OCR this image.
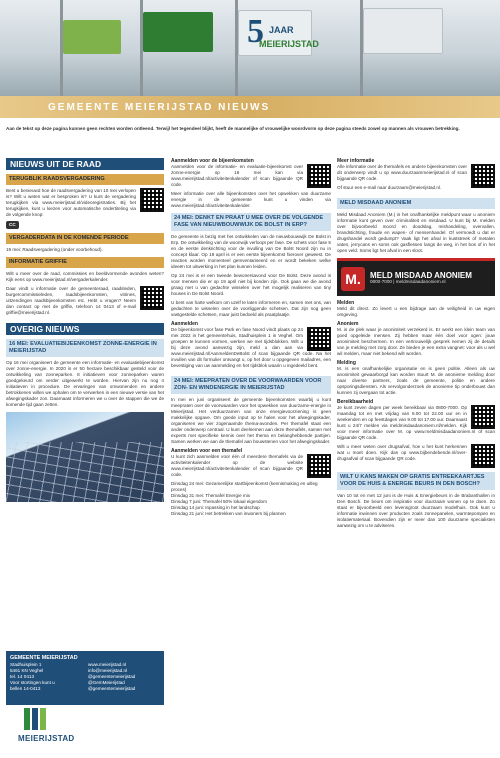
5 JAAR
MEIERIJSTAD
GEMEENTE MEIERIJSTAD NIEUWS
Aan de tekst op deze pagina kunnen geen rechten worden ontleend. Terwijl het tegendeel blijkt, heeft de mannelijke of vrouwelijke woordvorm op deze pagina steeds zowel op mannen als vrouwen betrekking.
NIEUWS UIT DE RAAD
TERUGBLIK RAADSVERGADERING

Bent u benieuwd hoe de raadsvergadering van 10 mei verlopen is? Wilt u weten wat er besproken is? U kunt de vergadering terugkijken via www.meierijstad.nl/videoregistraties. Bij het terugkijken, kunt u kiezen voor automatische ondertiteling via de volgende knop:

CC
VERGADERDATA IN DE KOMENDE PERIODE

19 mei: Raadsvergadering (onder voorbehoud).

INFORMATIE GRIFFIE

Wilt u meer over de raad, commissies en beeldvormende avonden weten? Kijk eens op www.meierijstad.nl/vergaderkalender.

Daar vindt u informatie over de gemeenteraad, raadsleden, burgercommissieleden, raadsbijeenkomsten, vitrines, uitzendingen raadsbijeenkomsten etc. Hebt u vragen? Neem dan contact op met de griffie, telefoon 14 0413 of e-mail griffie@meierijstad.nl.

OVERIG NIEUWS
16 MEI: EVALUATIEBIJEENKOMST ZONNE-ENERGIE IN MEIERIJSTAD

Op 16 mei organiseert de gemeente een informatie- en evaluatiebijeenkomst over zonne-energie. In 2020 is er 50 hectare beschikbaar gesteld voor de ontwikkeling van zonneparken. 8 initiatieven voor zonneparken waren goedgekeurd om verder uitgewerkt te worden. Hiervan zijn nu nog 4 initiatieven in procedure. De ervaringen van omwonenden en andere betrokkenen willen we ophalen om te verwerken in een nieuwe versie van het afwegingskader zon. Daarnaast informeren we u over de stappen die we de komende tijd gaan zetten.

GEMEENTE MEIERIJSTAD
Stadhuisplein 1
5461 KN Veghel
tel. 14 0413
Voor stortingen kunt u
bellen 14-0413
www.meierijstad.nl
info@meierijstad.nl
@gemeentemeierijstad
@GemMeierijstad
@gemeentemeierijstad
MEIERIJSTAD
Aanmelden voor de bijeenkomsten

Aanmelden voor de informatie- en evaluatie-bijeenkomst over zonne-energie op 16 mei kan via www.meierijstad.nl/activiteitenkalender of scan bijgaande QR code.

Meer informatie over alle bijeenkomsten over het opwekken van duurzame energie in de gemeente kunt u vinden via www.meierijstad.nl/activiteitenkalender.

24 MEI: DENKT EN PRAAT U MEE OVER DE VOLGENDE FASE VAN NIEUWBOUWWIJK DE BOLST IN ERP?

De gemeente is bezig met het ontwikkelen van de nieuwbouwwijk De Bolst in Erp. De ontwikkeling van de woonwijk verloopt per fase. De schets voor fase 5 en de eerste denkrichting voor de invulling van De Bolst Noord zijn nu in concept klaar. Op 19 april is er een eerste bijeenkomst hierover geweest. De reacties worden momenteel geïnventariseerd en er wordt bekeken welke ideeën tot uitwerking in het plan kunnen leiden.

Op 24 mei is er een tweede bewonersavond voor De Bolst. Deze avond is voor mensen die er op 19 april niet bij konden zijn. Ook gaan we die avond graag met u van gedachte wisselen over het mogelijk realiseren van tiny houses in De Bolst Noord.

U bent van harte welkom om uzelf te laten informeren en, samen met ons, van gedachten te wisselen over de voorliggende schetsen. Dat zijn nog geen vastgestelde schetsen, maar juist bedoeld als praatplaatje.

Aanmelden

De bijeenkomst voor fase Park en fase Noord vindt plaats op 24 mei 2022 in het gemeentehuis, Stadhuisplein 1 in Veghel. Om groepen te kunnen vormen, werken we met tijdsblokken. Wilt u bij deze avond aanwezig zijn, meld u dan aan via www.meierijstad.nl/AanmeldenDeBolst of scan bijgaande QR code. Na het invullen van dit formulier ontvangt u, op het door u opgegeven mailadres, een bevestiging van uw aanmelding en het tijdsblok waarin u ingedeeld bent.

24 MEI: MEEPRATEN OVER DE VOORWAARDEN VOOR ZON- EN WINDENERGIE IN MEIERIJSTAD

In mei en juni organiseert de gemeente bijeenkomsten waarbij u kunt meepraten over de voorwaarden voor het opwekken van duurzame-energie in Meierijstad. Het verduurzamen van onze energievoorziening is geen makkelijke opgave. Om goede input op te halen voor het afwegingskader, organiseren we vier zogenaamde thema-avonden. Per themafel staat een ander onderwerp centraal. U kunt deelnemen aan deze themafels, samen met experts met specifieke kennis over het thema en belanghebbende partijen. Samen werken we aan de themafel aan bouwstenen voor het afwegingskader.

Aanmelden voor een themafel

U kunt zich aanmelden voor één of meerdere themafels via de activiteitenkalender op de website www.meierijstad.nl/activiteitenkalender of scan bijgaande QR code.

Dinsdag 24 mei: Gezamenlijke startbijeenkomst (kennismaking en uitleg proces)
Dinsdag 31 mei: Themafel Energie mix
Dinsdag 7 juni: Themafel 50% lokaal eigendom
Dinsdag 14 juni: Inpassing in het landschap
Dinsdag 21 juni: Het betrekken van inwoners bij plannen
Meer informatie

Alle informatie over de themafels en andere bijeenkomsten over dit onderwerp vindt u op www.duurzaammeierijstad.nl of scan bijgaande QR code.

Of stuur een e-mail naar duurzaam@meierijstad.nl.

MELD MISDAAD ANONIEM

Meld Misdaad Anoniem (M.) is het onafhankelijke meldpunt waar u anoniem informatie kunt geven over criminaliteit en misdaad. U kunt bij M. melden over bijvoorbeeld moord en doodslag, mishandeling, overvallen, brandstichting, fraude en wapen- of mensenhandel. Of vermoedt u dat er drugshandel wordt gedumpt? Vaak ligt het afval in kuststreek of metalen vaten, jerrycans en soms ook gasflessen langs de weg, in het bos of in het open veld. Soms ligt het afval in een sloot.

M.	MELD MISDAAD ANONIEM
0800-7000 | meldmisdaadanoniem.nl
Melden

Meld dit direct. Zo levert u een bijdrage aan de veiligheid in uw eigen omgeving.

Anoniem

M. is de plek waar je anonimiteit verzekerd is. Er werkt een klein team van goed opgeleide mensen. Zij hebben maar één doel voor ogen: jouw anonimiteit beschermen. In een vertrouwelijk gesprek nemen zij de details van je melding met zorg door. Ze bieden je een extra vangnet: voor als u wel wil melden, maar niet bekend wilt worden.

Melding

M. is een onafhankelijke organisatie en is geen politie. Alleen als uw anonimiteit gewaarborgd kan worden stuurt M. de anonieme melding door naar diverse partners, zoals de gemeente, politie en andere opsporingsdiensten. Als vervolgonderzoek de anonieme tip onderbouwt dan kunnen zij overgaan tot actie.

Bereikbaarheid

Je kunt zeven dagen per week bereikbaar via 0800-7000. Op maandag tot en met vrijdag van 8.00 tot 22.00 uur en in weekenden en op feestdagen van 9.00 tot 17.00 uur. Daarnaast kunt u 24/7 melden via meldmisdaadanoniem.nl/melden. Kijk voor meer informatie over M. op www.meldmisdaadanoniem.nl of scan bijgaande QR code.

Wilt u meer weten over drugsafval, hoe u het kunt herkennen wat u moet doen. Kijk dan op www.bijbendebende.nl/over-drugsafval of scan bijgaande QR code.

WILT U KANS MAKEN OP GRATIS ENTREEKAARTJES VOOR DE HUIS & ENERGIE BEURS IN DEN BOSCH?

Van 10 tot en met 12 juni is de Huis & Energiebeurs in de Brabanthallen in Den Bosch. De beurs om inspiratie voor duurzaam wonen op te doen. Zo staat er bijvoorbeeld een levensgroot duurzaam modelhuis. Ook kunt u informatie inwinnen over producten zoals zonnepanelen, warmtepompen en isolatiemateriaal. Bovendien zijn er meer dan 100 duurzame specialisten aanwezig om u te adviseren.
